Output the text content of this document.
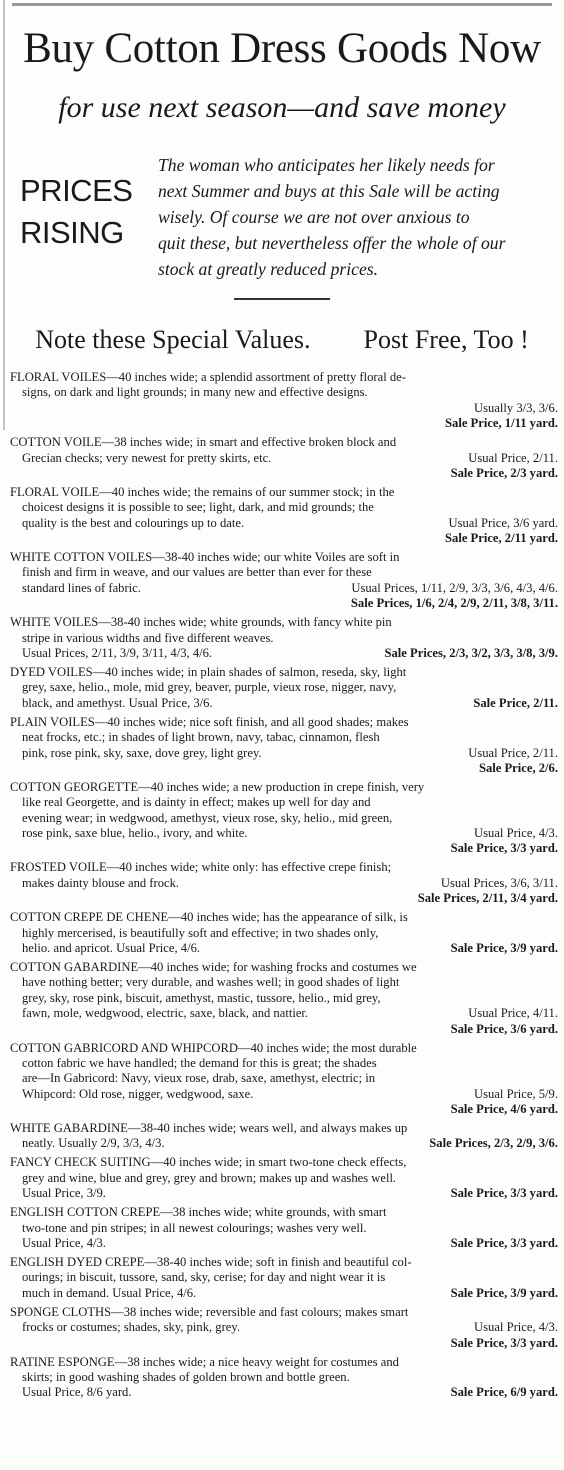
Buy Cotton Dress Goods Now
for use next season—and save money
PRICES
RISING
The woman who anticipates her likely needs for
next Summer and buys at this Sale will be acting
wisely. Of course we are not over anxious to
quit these, but nevertheless offer the whole of our
stock at greatly reduced prices.
Note these Special Values. Post Free, Too !
FLORAL VOILES—40 inches wide; a splendid assortment of pretty floral de-
signs, on dark and light grounds; in many new and effective designs.
Usually 3/3, 3/6.
Sale Price, 1/11 yard.
COTTON VOILE—38 inches wide; in smart and effective broken block and
Grecian checks; very newest for pretty skirts, etc.	Usual Price, 2/11.
Sale Price, 2/3 yard.
FLORAL VOILE—40 inches wide; the remains of our summer stock; in the
choicest designs it is possible to see; light, dark, and mid grounds; the
quality is the best and colourings up to date.	Usual Price, 3/6 yard.
Sale Price, 2/11 yard.
WHITE COTTON VOILES—38-40 inches wide; our white Voiles are soft in
finish and firm in weave, and our values are better than ever for these
standard lines of fabric.	Usual Prices, 1/11, 2/9, 3/3, 3/6, 4/3, 4/6.
Sale Prices, 1/6, 2/4, 2/9, 2/11, 3/8, 3/11.
WHITE VOILES—38-40 inches wide; white grounds, with fancy white pin
stripe in various widths and five different weaves.
Usual Prices, 2/11, 3/9, 3/11, 4/3, 4/6.	Sale Prices, 2/3, 3/2, 3/3, 3/8, 3/9.
DYED VOILES—40 inches wide; in plain shades of salmon, reseda, sky, light
grey, saxe, helio., mole, mid grey, beaver, purple, vieux rose, nigger, navy,
black, and amethyst. Usual Price, 3/6.	Sale Price, 2/11.
PLAIN VOILES—40 inches wide; nice soft finish, and all good shades; makes
neat frocks, etc.; in shades of light brown, navy, tabac, cinnamon, flesh
pink, rose pink, sky, saxe, dove grey, light grey.	Usual Price, 2/11.
Sale Price, 2/6.
COTTON GEORGETTE—40 inches wide; a new production in crepe finish, very
like real Georgette, and is dainty in effect; makes up well for day and
evening wear; in wedgwood, amethyst, vieux rose, sky, helio., mid green,
rose pink, saxe blue, helio., ivory, and white.	Usual Price, 4/3.
Sale Price, 3/3 yard.
FROSTED VOILE—40 inches wide; white only: has effective crepe finish;
makes dainty blouse and frock.	Usual Prices, 3/6, 3/11.
Sale Prices, 2/11, 3/4 yard.
COTTON CREPE DE CHENE—40 inches wide; has the appearance of silk, is
highly mercerised, is beautifully soft and effective; in two shades only,
helio. and apricot. Usual Price, 4/6.	Sale Price, 3/9 yard.
COTTON GABARDINE—40 inches wide; for washing frocks and costumes we
have nothing better; very durable, and washes well; in good shades of light
grey, sky, rose pink, biscuit, amethyst, mastic, tussore, helio., mid grey,
fawn, mole, wedgwood, electric, saxe, black, and nattier.	Usual Price, 4/11.
Sale Price, 3/6 yard.
COTTON GABRICORD AND WHIPCORD—40 inches wide; the most durable
cotton fabric we have handled; the demand for this is great; the shades
are—In Gabricord: Navy, vieux rose, drab, saxe, amethyst, electric; in
Whipcord: Old rose, nigger, wedgwood, saxe.	Usual Price, 5/9.
Sale Price, 4/6 yard.
WHITE GABARDINE—38-40 inches wide; wears well, and always makes up
neatly. Usually 2/9, 3/3, 4/3.	Sale Prices, 2/3, 2/9, 3/6.
FANCY CHECK SUITING—40 inches wide; in smart two-tone check effects,
grey and wine, blue and grey, grey and brown; makes up and washes well.
Usual Price, 3/9.	Sale Price, 3/3 yard.
ENGLISH COTTON CREPE—38 inches wide; white grounds, with smart
two-tone and pin stripes; in all newest colourings; washes very well.
Usual Price, 4/3.	Sale Price, 3/3 yard.
ENGLISH DYED CREPE—38-40 inches wide; soft in finish and beautiful col-
ourings; in biscuit, tussore, sand, sky, cerise; for day and night wear it is
much in demand. Usual Price, 4/6.	Sale Price, 3/9 yard.
SPONGE CLOTHS—38 inches wide; reversible and fast colours; makes smart
frocks or costumes; shades, sky, pink, grey.	Usual Price, 4/3.
Sale Price, 3/3 yard.
RATINE ESPONGE—38 inches wide; a nice heavy weight for costumes and
skirts; in good washing shades of golden brown and bottle green.
Usual Price, 8/6 yard.	Sale Price, 6/9 yard.
